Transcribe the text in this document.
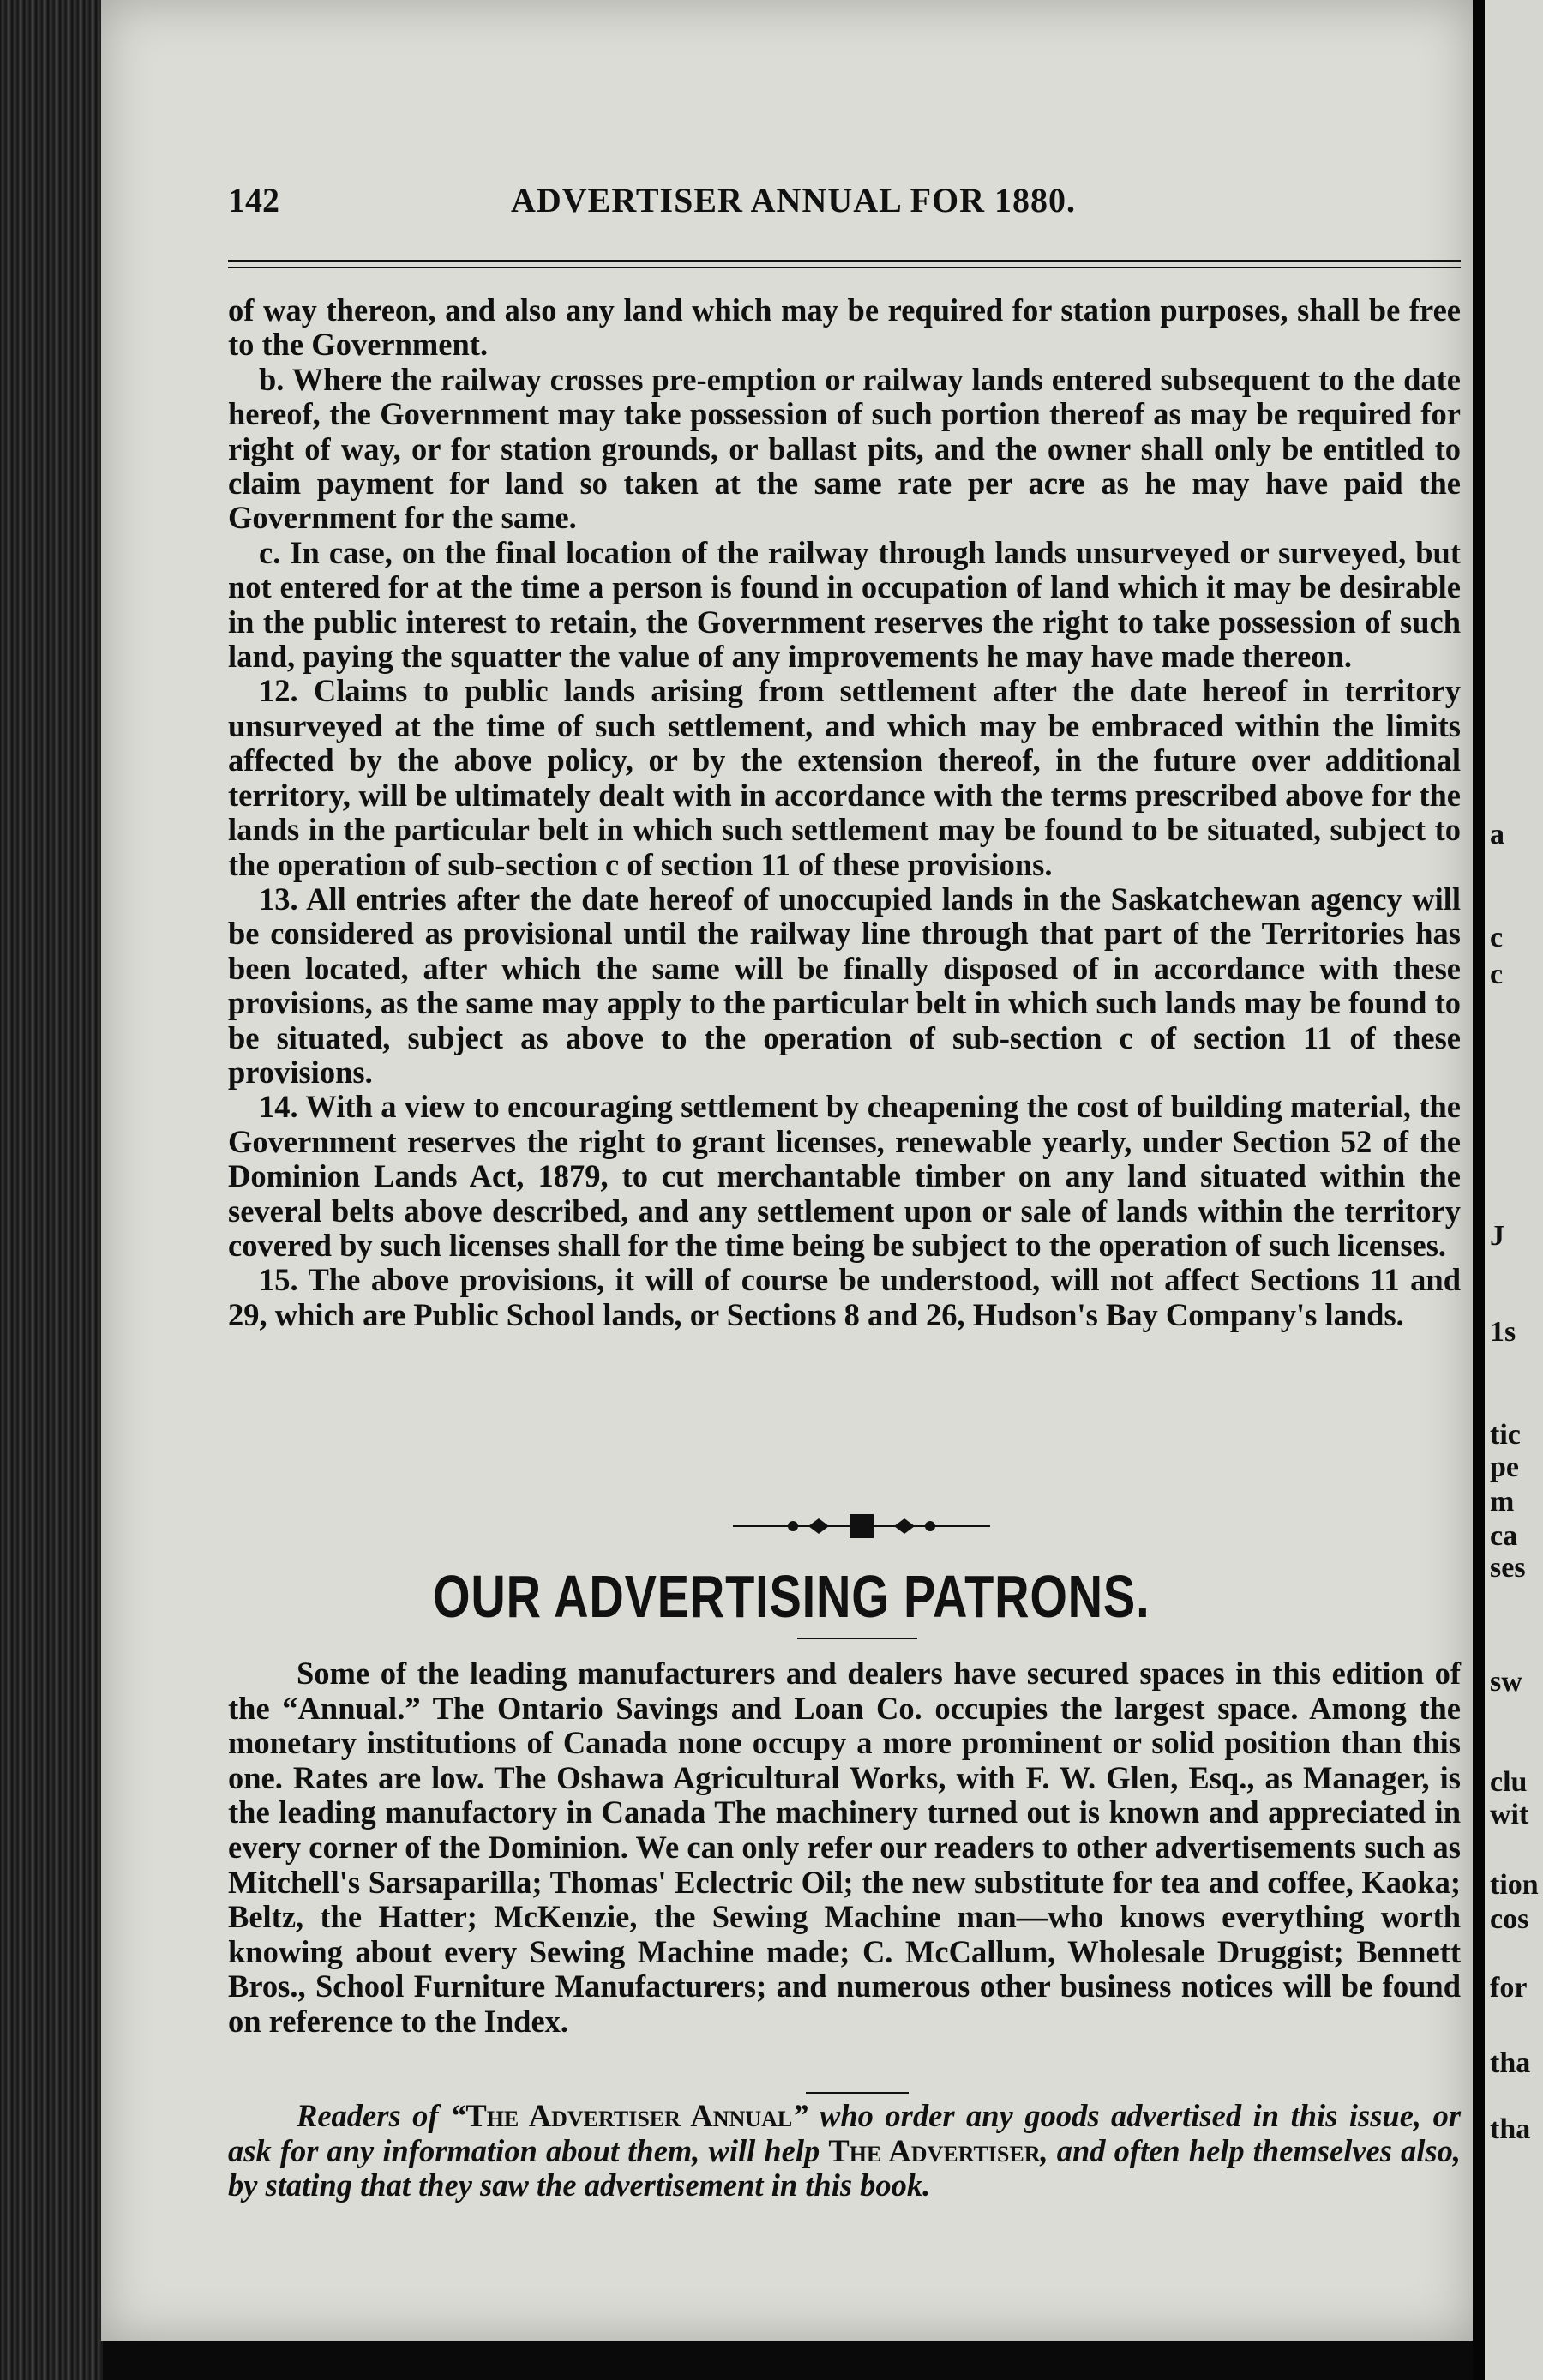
142	ADVERTISER ANNUAL FOR 1880.

of way thereon, and also any land which may be required for station purposes, shall be free to the Government.

b. Where the railway crosses pre-emption or railway lands entered subsequent to the date hereof, the Government may take possession of such portion thereof as may be required for right of way, or for station grounds, or ballast pits, and the owner shall only be entitled to claim payment for land so taken at the same rate per acre as he may have paid the Government for the same.

c. In case, on the final location of the railway through lands unsurveyed or surveyed, but not entered for at the time a person is found in occupation of land which it may be desirable in the public interest to retain, the Government reserves the right to take possession of such land, paying the squatter the value of any improvements he may have made thereon.

12. Claims to public lands arising from settlement after the date hereof in territory unsurveyed at the time of such settlement, and which may be embraced within the limits affected by the above policy, or by the extension thereof, in the future over additional territory, will be ultimately dealt with in accordance with the terms prescribed above for the lands in the particular belt in which such settlement may be found to be situated, subject to the operation of sub-section c of section 11 of these provisions.

13. All entries after the date hereof of unoccupied lands in the Saskatchewan agency will be considered as provisional until the railway line through that part of the Territories has been located, after which the same will be finally disposed of in accordance with these provisions, as the same may apply to the particular belt in which such lands may be found to be situated, subject as above to the operation of sub-section c of section 11 of these provisions.

14. With a view to encouraging settlement by cheapening the cost of building material, the Government reserves the right to grant licenses, renewable yearly, under Section 52 of the Dominion Lands Act, 1879, to cut merchantable timber on any land situated within the several belts above described, and any settlement upon or sale of lands within the territory covered by such licenses shall for the time being be subject to the operation of such licenses.

15. The above provisions, it will of course be understood, will not affect Sections 11 and 29, which are Public School lands, or Sections 8 and 26, Hudson's Bay Company's lands.

OUR ADVERTISING PATRONS.

Some of the leading manufacturers and dealers have secured spaces in this edition of the “Annual.” The Ontario Savings and Loan Co. occupies the largest space. Among the monetary institutions of Canada none occupy a more prominent or solid position than this one. Rates are low. The Oshawa Agricultural Works, with F. W. Glen, Esq., as Manager, is the leading manufactory in Canada The machinery turned out is known and appreciated in every corner of the Dominion. We can only refer our readers to other advertisements such as Mitchell's Sarsaparilla; Thomas' Eclectric Oil; the new substitute for tea and coffee, Kaoka; Beltz, the Hatter; McKenzie, the Sewing Machine man—who knows everything worth knowing about every Sewing Machine made; C. McCallum, Wholesale Druggist; Bennett Bros., School Furniture Manufacturers; and numerous other business notices will be found on reference to the Index.

Readers of “The Advertiser Annual” who order any goods advertised in this issue, or ask for any information about them, will help The Advertiser, and often help themselves also, by stating that they saw the advertisement in this book.

a
c
c
J
1s
tic
pe
m
ca
ses
sw
clu
wit
tion
cos
for
tha
tha
